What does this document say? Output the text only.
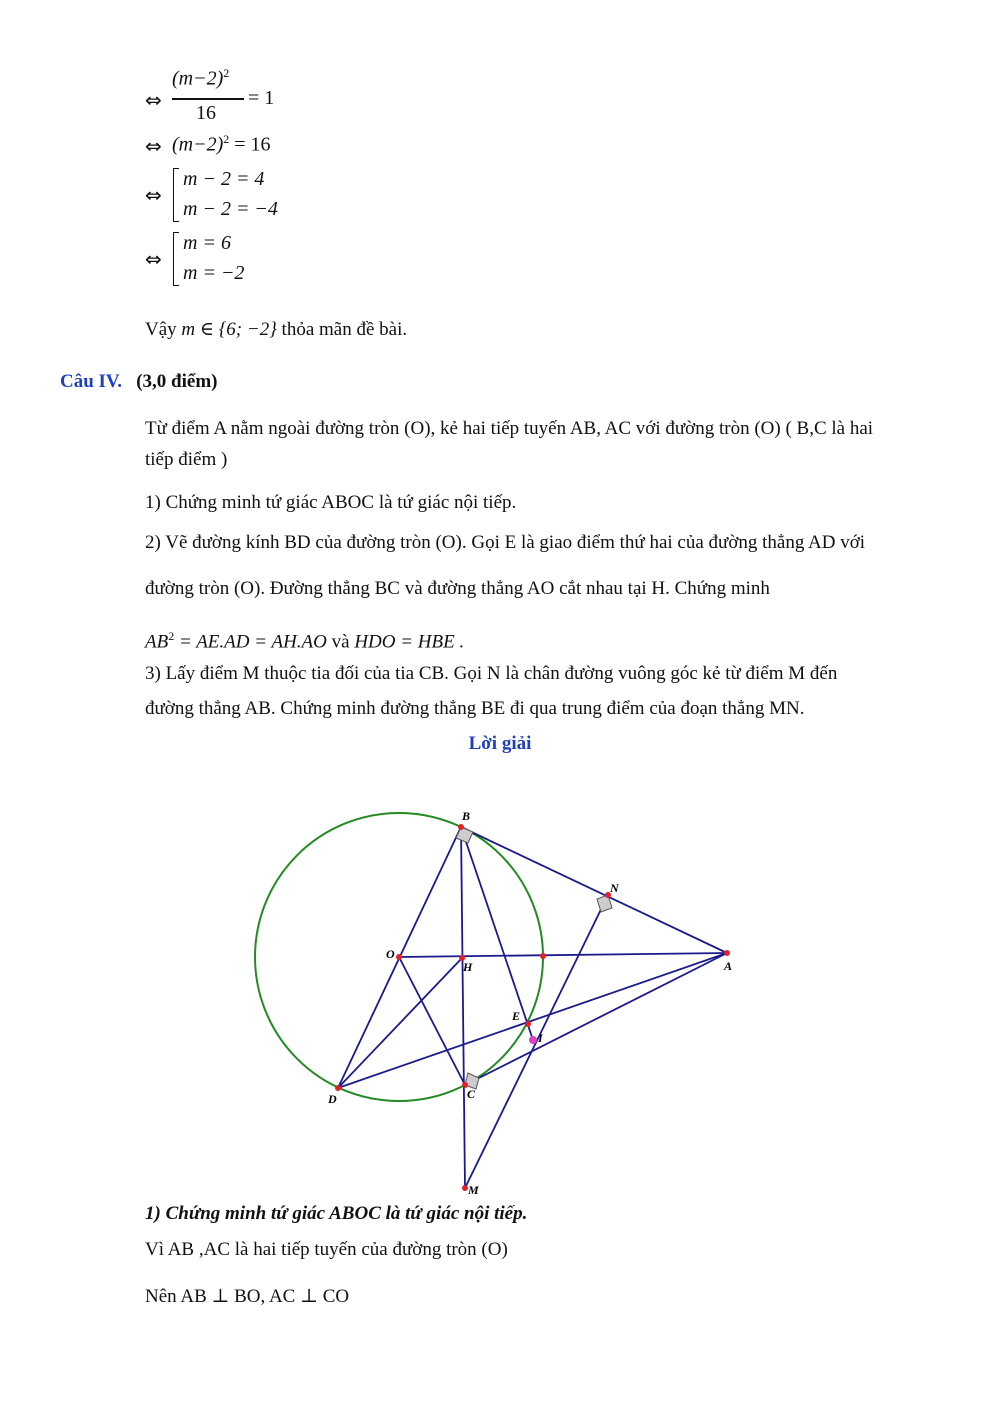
⇔
$(m-2)^2$
16
= 1
⇔ $(m-2)^2 = 16$
⇔
m − 2 = 4
m − 2 = −4
⇔
m = 6
m = −2
Vậy m ∈ {6; −2} thỏa mãn đề bài.
Câu IV. (3,0 điểm)
Từ điểm A nằm ngoài đường tròn (O), kẻ hai tiếp tuyến AB, AC với đường tròn (O) ( B,C là hai
tiếp điểm )
1) Chứng minh tứ giác ABOC là tứ giác nội tiếp.
2) Vẽ đường kính BD của đường tròn (O). Gọi E là giao điểm thứ hai của đường thẳng AD với
đường tròn (O). Đường thẳng BC và đường thẳng AO cắt nhau tại H. Chứng minh
$AB^2 = AE.AD = AH.AO$ và HDO = HBE .
3) Lấy điểm M thuộc tia đối của tia CB. Gọi N là chân đường vuông góc kẻ từ điểm M đến
đường thẳng AB. Chứng minh đường thẳng BE đi qua trung điểm của đoạn thẳng MN.
Lời giải
B
N
O
H	A
E
I
D	C
M
1) Chứng minh tứ giác ABOC là tứ giác nội tiếp.
Vì AB ,AC là hai tiếp tuyến của đường tròn (O)
Nên AB ⊥ BO, AC ⊥ CO
